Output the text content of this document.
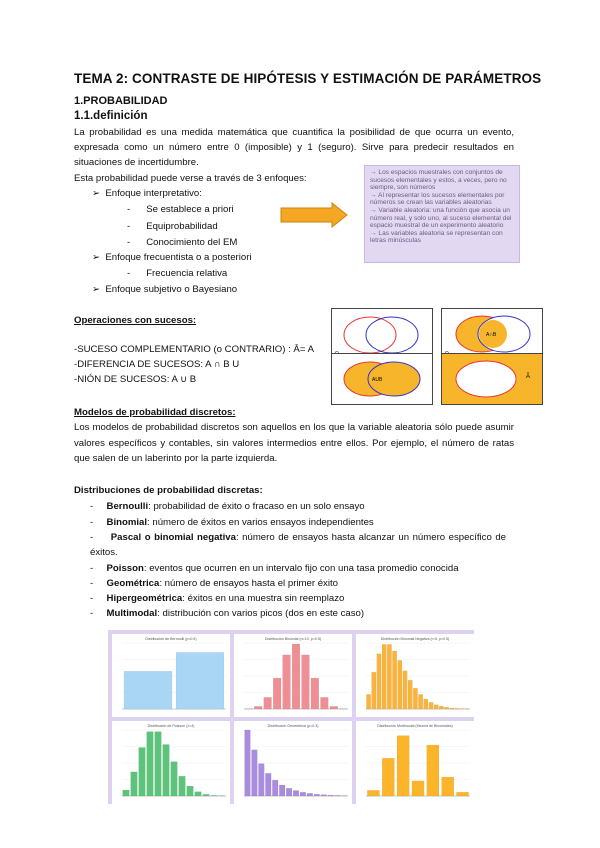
TEMA 2: CONTRASTE DE HIPÓTESIS Y ESTIMACIÓN DE PARÁMETROS
1.PROBABILIDAD
1.1.definición
La probabilidad es una medida matemática que cuantifica la posibilidad de que ocurra un evento, expresada como un número entre 0 (imposible) y 1 (seguro). Sirve para predecir resultados en situaciones de incertidumbre.
Esta probabilidad puede verse a través de 3 enfoques:
➢ Enfoque interpretativo:
-      Se establece a priori
-      Equiprobabilidad
-      Conocimiento del EM
➢ Enfoque frecuentista o a posteriori
-      Frecuencia relativa
➢ Enfoque subjetivo o Bayesiano
→ Los espacios muestrales con conjuntos de sucesos elementales y estos, a veces, pero no siempre, son números
→ Al representar los sucesos elementales por números se crean las variables aleatorias
→ Variable aleatoria: una función que asocia un número real, y solo uno, al suceso elemental del espacio muestral de un experimento aleatorio
→ Las variables aleatoria se representan con letras minúsculas
Operaciones con sucesos:
-SUCESO COMPLEMENTARIO (o CONTRARIO) : Ā= A
-DIFERENCIA DE SUCESOS: A ∩ B U
-NIÓN DE SUCESOS: A ∪ B
A∩B
AUB	Ā
Modelos de probabilidad discretos:
Los modelos de probabilidad discretos son aquellos en los que la variable aleatoria sólo puede asumir valores específicos y contables, sin valores intermedios entre ellos. Por ejemplo, el número de ratas que salen de un laberinto por la parte izquierda.
Distribuciones de probabilidad discretas:
-     Bernoulli: probabilidad de éxito o fracaso en un solo ensayo
-     Binomial: número de éxitos en varios ensayos independientes
-     Pascal o binomial negativa: número de ensayos hasta alcanzar un número específico de éxitos.
-     Poisson: eventos que ocurren en un intervalo fijo con una tasa promedio conocida
-     Geométrica: número de ensayos hasta el primer éxito
-     Hipergeométrica: éxitos en una muestra sin reemplazo
-     Multimodal: distribución con varios picos (dos en este caso)
Distribución de Bernoulli (p=0.6)	Distribución Binomial (n=10, p=0.5)	Distribución Binomial Negativa (r=5, p=0.5)
Distribución de Poisson (λ=4)	Distribución Geométrica (p=0.3)	Distribución Multimodal (Mezcla de Binomiales)
